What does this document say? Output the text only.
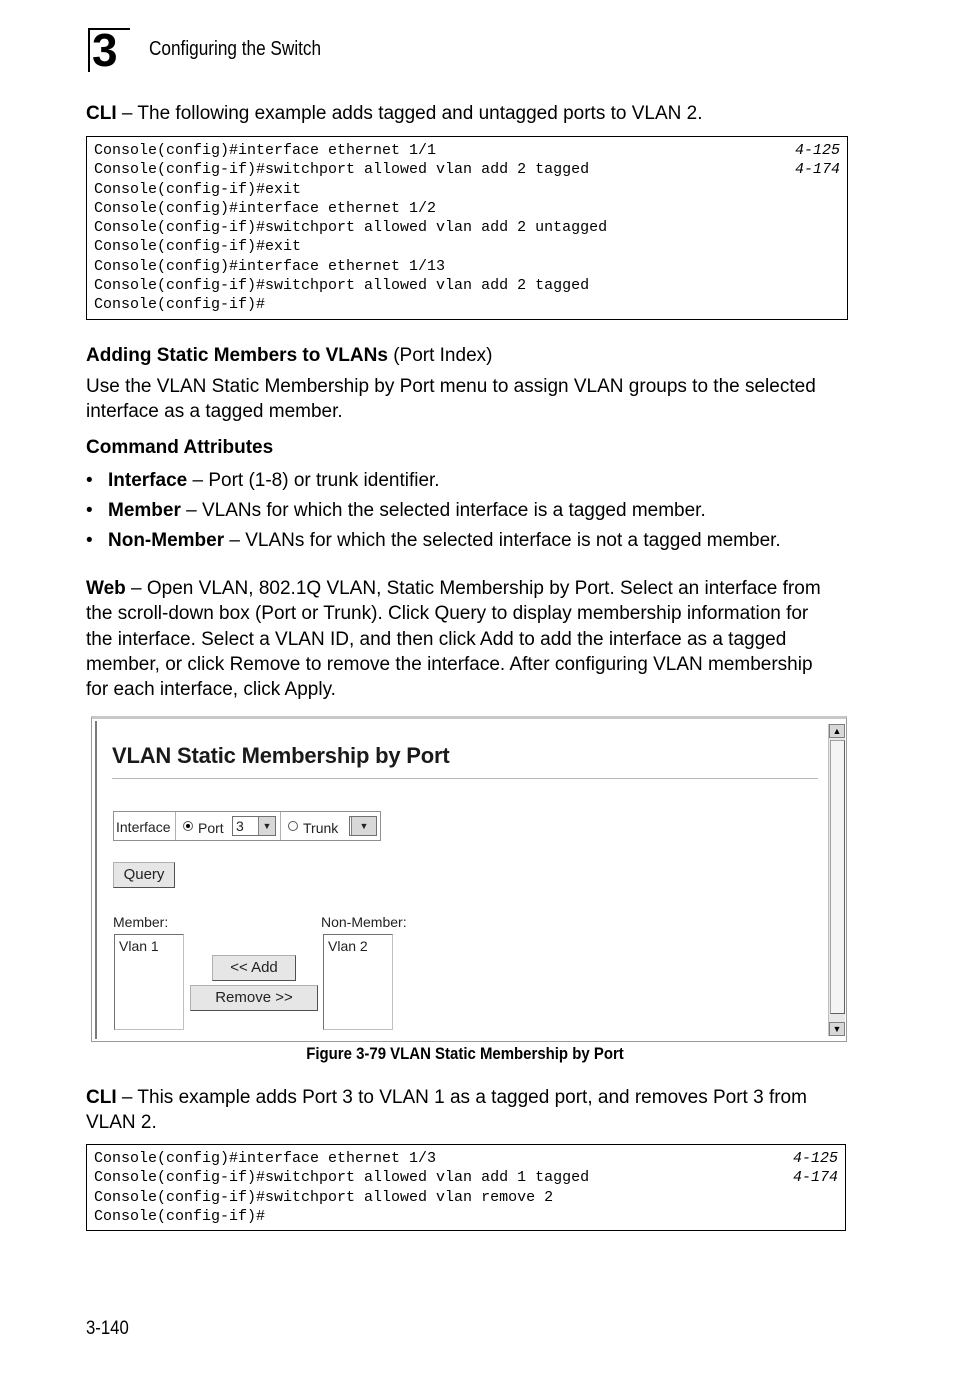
3 Configuring the Switch
CLI – The following example adds tagged and untagged ports to VLAN 2.
Console(config)#interface ethernet 1/1	4-125
Console(config-if)#switchport allowed vlan add 2 tagged	4-174
Console(config-if)#exit
Console(config)#interface ethernet 1/2
Console(config-if)#switchport allowed vlan add 2 untagged
Console(config-if)#exit
Console(config)#interface ethernet 1/13
Console(config-if)#switchport allowed vlan add 2 tagged
Console(config-if)#
Adding Static Members to VLANs (Port Index)
Use the VLAN Static Membership by Port menu to assign VLAN groups to the selected interface as a tagged member.
Command Attributes
• Interface – Port (1-8) or trunk identifier.
• Member – VLANs for which the selected interface is a tagged member.
• Non-Member – VLANs for which the selected interface is not a tagged member.
Web – Open VLAN, 802.1Q VLAN, Static Membership by Port. Select an interface from the scroll-down box (Port or Trunk). Click Query to display membership information for the interface. Select a VLAN ID, and then click Add to add the interface as a tagged member, or click Remove to remove the interface. After configuring VLAN membership for each interface, click Apply.
VLAN Static Membership by Port
Interface Port 3	▼ Trunk	▼
Query
Member:
Vlan 1
<< Add
Remove >>
Non-Member:
Vlan 2
▲
▼
Figure 3-79 VLAN Static Membership by Port
CLI – This example adds Port 3 to VLAN 1 as a tagged port, and removes Port 3 from VLAN 2.
Console(config)#interface ethernet 1/3	4-125
Console(config-if)#switchport allowed vlan add 1 tagged	4-174
Console(config-if)#switchport allowed vlan remove 2
Console(config-if)#
3-140
